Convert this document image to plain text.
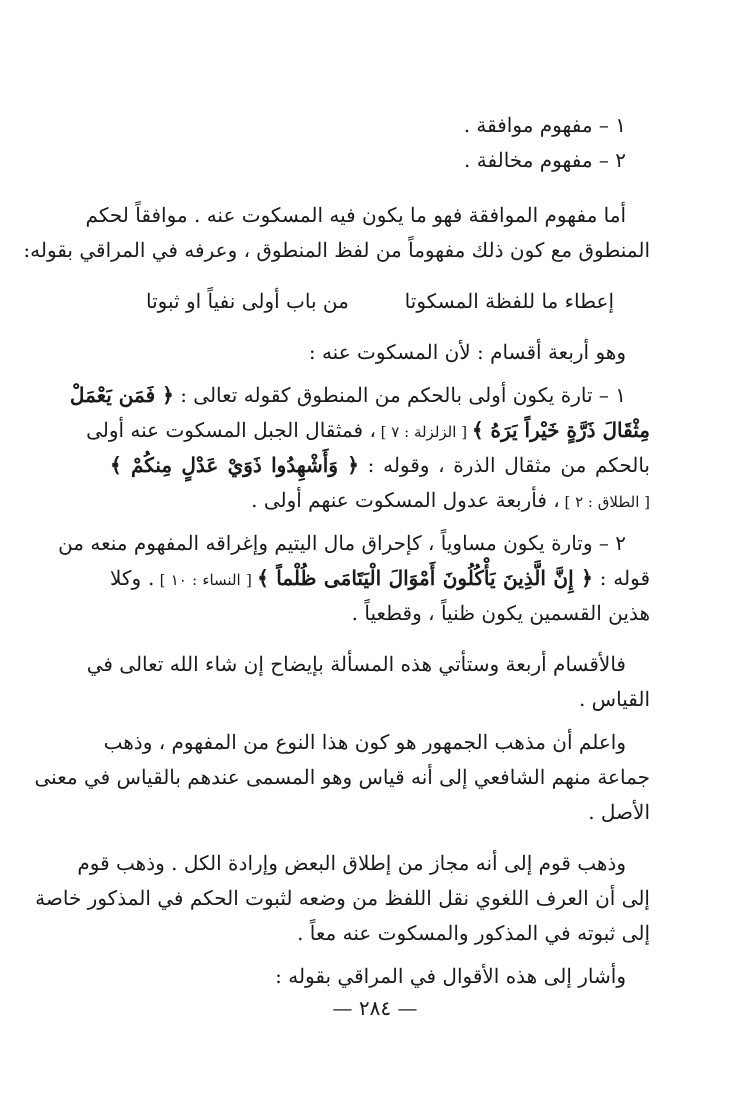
١ – مفهوم موافقة .
٢ – مفهوم مخالفة .
أما مفهوم الموافقة فهو ما يكون فيه المسكوت عنه . موافقاً لحكم
المنطوق مع كون ذلك مفهوماً من لفظ المنطوق ، وعرفه في المراقي بقوله:
إعطاء ما للفظة المسكوتا
من باب أولى نفياً او ثبوتا
وهو أربعة أقسام : لأن المسكوت عنه :
١ – تارة يكون أولى بالحكم من المنطوق كقوله تعالى : ﴿ فَمَن يَعْمَلْ
مِثْقَالَ ذَرَّةٍ خَيْراً يَرَهُ ﴾ [ الزلزلة : ٧ ] ، فمثقال الجبل المسكوت عنه أولى
بالحكم من مثقال الذرة ، وقوله : ﴿ وَأَشْهِدُوا ذَوَيْ عَدْلٍ مِنكُمْ ﴾
[ الطلاق : ٢ ] ، فأربعة عدول المسكوت عنهم أولى .
٢ – وتارة يكون مساوياً ، كإحراق مال اليتيم وإغراقه المفهوم منعه من
قوله : ﴿ إِنَّ الَّذِينَ يَأْكُلُونَ أَمْوَالَ الْيَتَامَى ظُلْماً ﴾ [ النساء : ١٠ ] . وكلا
هذين القسمين يكون ظنياً ، وقطعياً .
فالأقسام أربعة وستأتي هذه المسألة بإيضاح إن شاء الله تعالى في
القياس .
واعلم أن مذهب الجمهور هو كون هذا النوع من المفهوم ، وذهب
جماعة منهم الشافعي إلى أنه قياس وهو المسمى عندهم بالقياس في معنى
الأصل .
وذهب قوم إلى أنه مجاز من إطلاق البعض وإرادة الكل . وذهب قوم
إلى أن العرف اللغوي نقل اللفظ من وضعه لثبوت الحكم في المذكور خاصة
إلى ثبوته في المذكور والمسكوت عنه معاً .
وأشار إلى هذه الأقوال في المراقي بقوله :
— ٢٨٤ —
